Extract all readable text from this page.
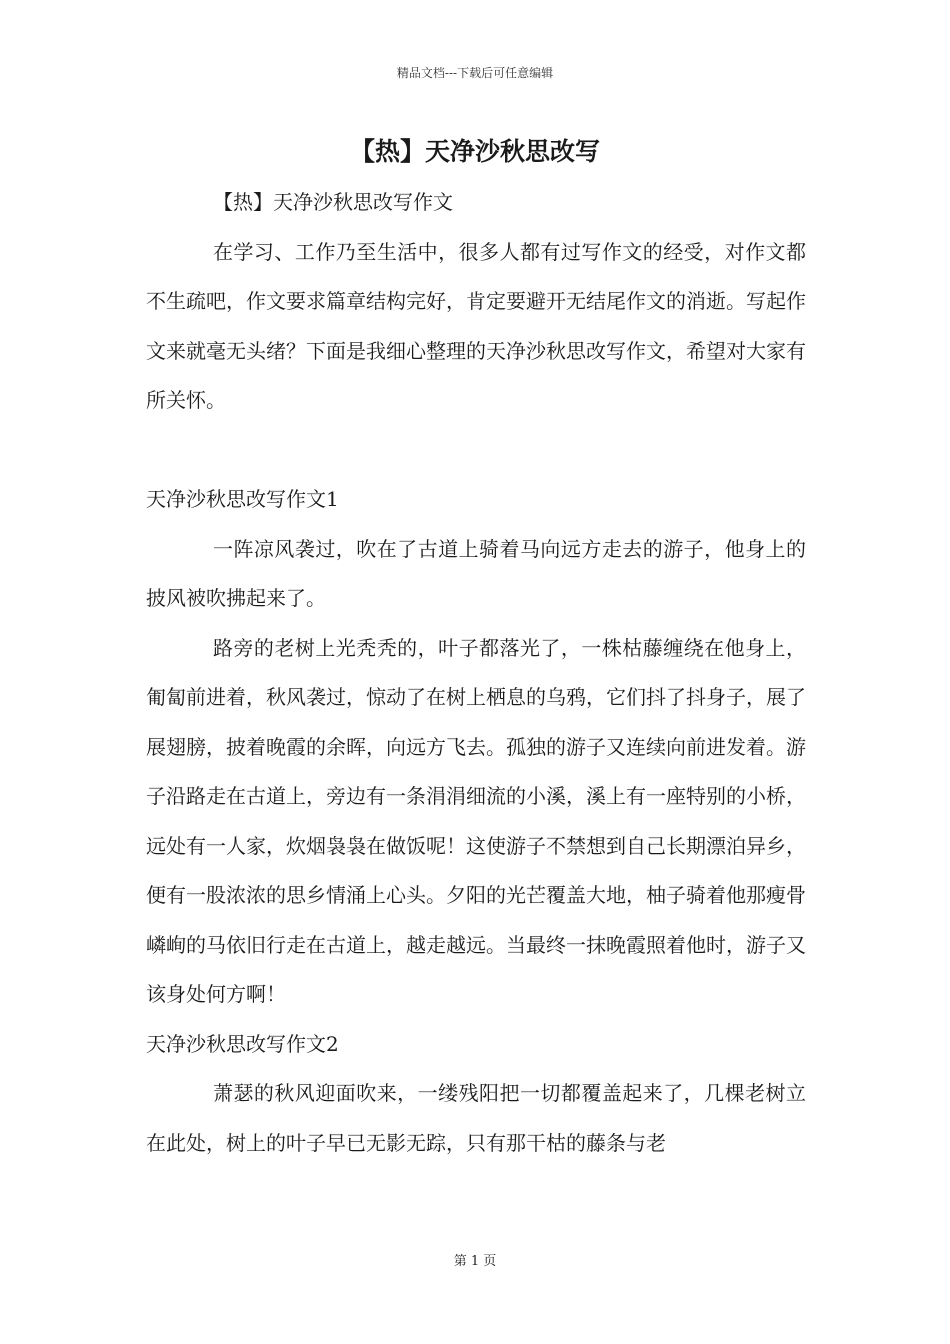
精品文档---下载后可任意编辑
【热】天净沙秋思改写

【热】天净沙秋思改写作文

在学习、工作乃至生活中，很多人都有过写作文的经受，对作文都不生疏吧，作文要求篇章结构完好，肯定要避开无结尾作文的消逝。写起作文来就毫无头绪？下面是我细心整理的天净沙秋思改写作文，希望对大家有所关怀。

天净沙秋思改写作文1

一阵凉风袭过，吹在了古道上骑着马向远方走去的游子，他身上的披风被吹拂起来了。

路旁的老树上光秃秃的，叶子都落光了，一株枯藤缠绕在他身上，匍匐前进着，秋风袭过，惊动了在树上栖息的乌鸦，它们抖了抖身子，展了展翅膀，披着晚霞的余晖，向远方飞去。孤独的游子又连续向前进发着。游子沿路走在古道上，旁边有一条涓涓细流的小溪，溪上有一座特别的小桥，远处有一人家，炊烟袅袅在做饭呢！这使游子不禁想到自己长期漂泊异乡，便有一股浓浓的思乡情涌上心头。夕阳的光芒覆盖大地，柚子骑着他那瘦骨嶙峋的马依旧行走在古道上，越走越远。当最终一抹晚霞照着他时，游子又该身处何方啊！

天净沙秋思改写作文2

萧瑟的秋风迎面吹来，一缕残阳把一切都覆盖起来了，几棵老树立在此处，树上的叶子早已无影无踪，只有那干枯的藤条与老

第 1 页
